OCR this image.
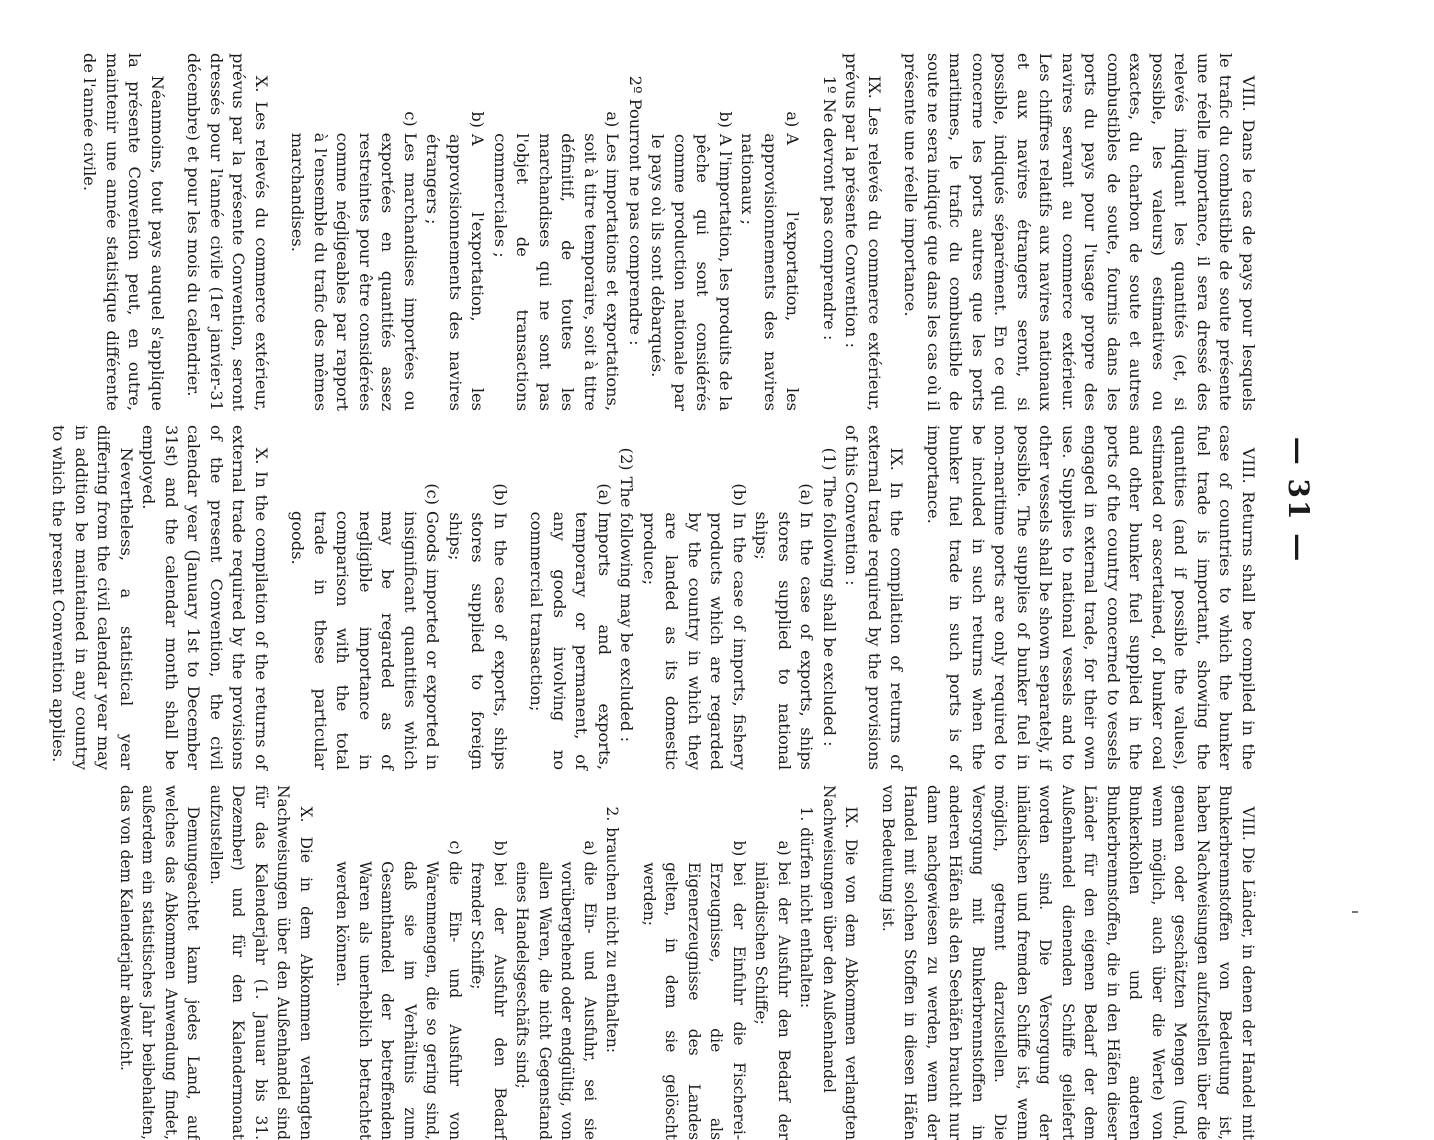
— 31 —

VIII. Dans le cas de pays pour lesquels le trafic du combustible de soute présente une réelle importance, il sera dressé des relevés indiquant les quantités (et, si possible, les valeurs) estimatives ou exactes, du charbon de soute et autres combustibles de soute, fournis dans les ports du pays pour l'usage propre des navires servant au commerce extérieur. Les chiffres relatifs aux navires nationaux et aux navires étrangers seront, si possible, indiqués séparément. En ce qui concerne les ports autres que les ports maritimes, le trafic du combustible de soute ne sera indiqué que dans les cas où il présente une réelle importance.

IX. Les relevés du commerce extérieur, prévus par la présente Convention :

1º Ne devront pas comprendre :

a)
A l'exportation, les approvisionnements des navires nationaux ;
b)
A l'importation, les produits de la pêche qui sont considérés comme production nationale par le pays où ils sont débarqués.

2º Pourront ne pas comprendre :

a)
Les importations et exportations, soit à titre temporaire, soit à titre définitif, de toutes les marchandises qui ne sont pas l'objet de transactions commerciales ;
b)
A l'exportation, les approvisionnements des navires étrangers ;
c)
Les marchandises importées ou exportées en quantités assez restreintes pour être considérées comme négligeables par rapport à l'ensemble du trafic des mêmes marchandises.

X. Les relevés du commerce extérieur, prévus par la présente Convention, seront dressés pour l'année civile (1er janvier-31 décembre) et pour les mois du calendrier.

Néanmoins, tout pays auquel s'applique la présente Convention peut, en outre, maintenir une année statistique différente de l'année civile.

VIII. Returns shall be compiled in the case of countries to which the bunker fuel trade is important, showing the quantities (and if possible the values), estimated or ascertained, of bunker coal and other bunker fuel supplied in the ports of the country concerned to vessels engaged in external trade, for their own use. Supplies to national vessels and to other vessels shall be shown separately, if possible. The supplies of bunker fuel in non-maritime ports are only required to be included in such returns when the bunker fuel trade in such ports is of importance.

IX. In the compilation of returns of external trade required by the provisions of this Convention :

(1)
The following shall be excluded :
(a)
In the case of exports, ships stores supplied to national ships;
(b)
In the case of imports, fishery products which are regarded by the country in which they are landed as its domestic produce;
(2)
The following may be excluded :
(a)
Imports and exports, temporary or permanent, of any goods involving no commercial transaction;
(b)
In the case of exports, ships stores supplied to foreign ships;
(c)
Goods imported or exported in insignificant quantities which may be regarded as of negligible importance in comparison with the total trade in these particular goods.

X. In the compilation of the returns of external trade required by the provisions of the present Convention, the civil calendar year (January 1st to December 31st) and the calendar month shall be employed.

Nevertheless, a statistical year differing from the civil calendar year may in addition be maintained in any country to which the present Convention applies.

VIII. Die Länder, in denen der Handel mit Bunkerbrennstoffen von Bedeutung ist, haben Nachweisungen aufzustellen über die genauen oder geschätzten Mengen (und, wenn möglich, auch über die Werte) von Bunkerkohlen und anderen Bunkerbrennstoffen, die in den Häfen dieser Länder für den eigenen Bedarf der dem Außenhandel dienenden Schiffe geliefert worden sind. Die Versorgung der inländischen und fremden Schiffe ist, wenn möglich, getrennt darzustellen. Die Versorgung mit Bunkerbrennstoffen in anderen Häfen als den Seehäfen braucht nur dann nachgewiesen zu werden, wenn der Handel mit solchen Stoffen in diesen Häfen von Bedeutung ist.

IX. Die von dem Abkommen verlangten Nachweisungen über den Außenhandel

1.
dürfen nicht enthalten:
a)
bei der Ausfuhr den Bedarf der inländischen Schiffe;
b)
bei der Einfuhr die Fischerei-Erzeugnisse, die als Eigenerzeugnisse des Landes gelten, in dem sie gelöscht werden;
2.
brauchen nicht zu enthalten:
a)
die Ein- und Ausfuhr, sei sie vorübergehend oder endgültig, von allen Waren, die nicht Gegenstand eines Handelsgeschäfts sind;
b)
bei der Ausfuhr den Bedarf fremder Schiffe;
c)
die Ein- und Ausfuhr von Warenmengen, die so gering sind, daß sie im Verhältnis zum Gesamthandel der betreffenden Waren als unerheblich betrachtet werden können.

X. Die in dem Abkommen verlangten Nachweisungen über den Außenhandel sind für das Kalenderjahr (1. Januar bis 31. Dezember) und für den Kalendermonat aufzustellen.

Demungeachtet kann jedes Land, auf welches das Abkommen Anwendung findet, außerdem ein statistisches Jahr beibehalten, das von dem Kalenderjahr abweicht.
